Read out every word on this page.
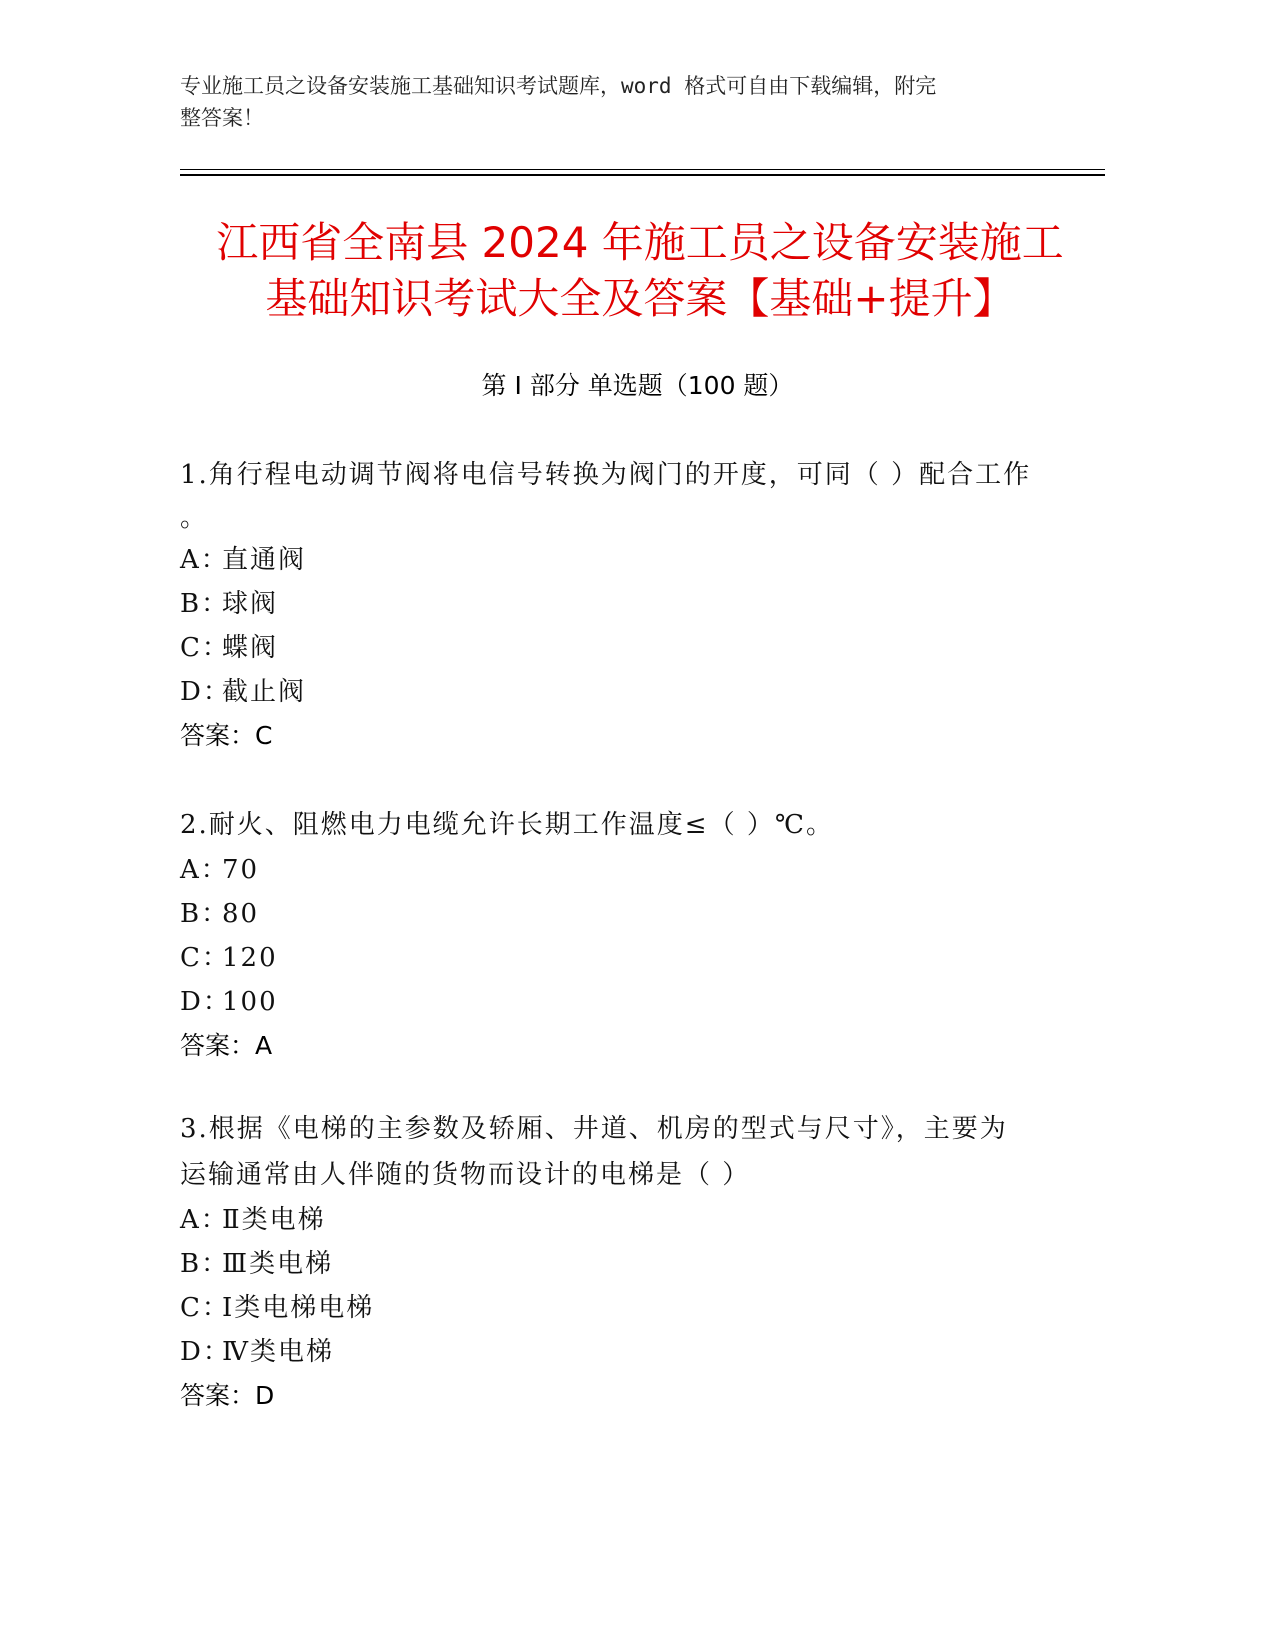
专业施工员之设备安装施工基础知识考试题库，word 格式可自由下载编辑，附完
整答案！
江西省全南县 2024 年施工员之设备安装施工
基础知识考试大全及答案【基础+提升】
第 I 部分 单选题（100 题）
1.角行程电动调节阀将电信号转换为阀门的开度，可同（ ）配合工作
。
A：直通阀
B：球阀
C：蝶阀
D：截止阀
答案：C
2.耐火、阻燃电力电缆允许长期工作温度≤（ ）℃。
A：70
B：80
C：120
D：100
答案：A
3.根据《电梯的主参数及轿厢、井道、机房的型式与尺寸》，主要为
运输通常由人伴随的货物而设计的电梯是（ ）
A：Ⅱ类电梯
B：Ⅲ类电梯
C：Ⅰ类电梯电梯
D：Ⅳ类电梯
答案：D
